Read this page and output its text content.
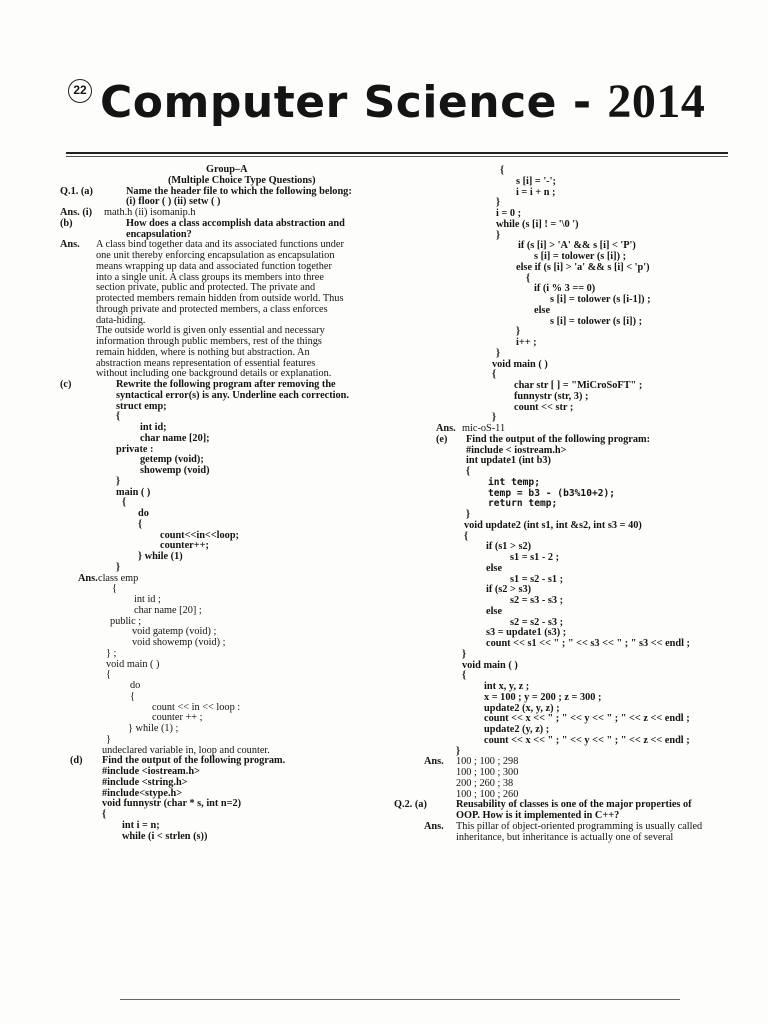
22 Computer Science - 2014
Group–A
(Multiple Choice Type Questions)
Q.1. (a)	Name the header file to which the following belong:
(i) floor ( ) (ii) setw ( )
Ans. (i) math.h (ii) isomanip.h
(b)	How does a class accomplish data abstraction and
encapsulation?
Ans. A class bind together data and its associated functions under
one unit thereby enforcing encapsulation as encapsulation
means wrapping up data and associated function together
into a single unit. A class groups its members into three
section private, public and protected. The private and
protected members remain hidden from outside world. Thus
through private and protected members, a class enforces
data-hiding.
The outside world is given only essential and necessary
information through public members, rest of the things
remain hidden, where is nothing but abstraction. An
abstraction means representation of essential features
without including one background details or explanation.
(c)	Rewrite the following program after removing the
syntactical error(s) is any. Underline each correction.
struct emp;
{
int id;
char name [20];
private :
getemp (void);
showemp (void)
}
main ( )
{
do
{
count<<in<<loop;
counter++;
} while (1)
}
Ans. class emp
{
int id ;
char name [20] ;
public ;
void gatemp (void) ;
void showemp (void) ;
} ;
void main ( )
{
do
{
count << in << loop :
counter ++ ;
} while (1) ;
}
undeclared variable in, loop and counter.
(d) Find the output of the following program.
#include <iostream.h>
#include <string.h>
#include<stype.h>
void funnystr (char * s, int n=2)
{
int i = n;
while (i < strlen (s))
{
s [i] = '-';
i = i + n ;
}
i = 0 ;
while (s [i] ! = '\0 ')
}
if (s [i] > 'A' && s [i] < 'P')
s [i] = tolower (s [i]) ;
else if (s [i] > 'a' && s [i] < 'p')
{
if (i % 3 == 0)
s [i] = tolower (s [i-1]) ;
else
s [i] = tolower (s [i]) ;
}
i++ ;
}
void main ( )
{
char str [ ] = "MiCroSoFT" ;
funnystr (str, 3) ;
count << str ;
}
Ans. mic-oS-11
(e) Find the output of the following program:
#include < iostream.h>
int update1 (int b3)
{
int temp;
temp = b3 - (b3%10+2);
return temp;
}
void update2 (int s1, int &s2, int s3 = 40)
{
if (s1 > s2)
s1 = s1 - 2 ;
else
s1 = s2 - s1 ;
if (s2 > s3)
s2 = s3 - s3 ;
else
s2 = s2 - s3 ;
s3 = update1 (s3) ;
count << s1 << " ; " << s3 << " ; " s3 << endl ;
}
void main ( )
{
int x, y, z ;
x = 100 ; y = 200 ; z = 300 ;
update2 (x, y, z) ;
count << x << " ; " << y << " ; " << z << endl ;
update2 (y, z) ;
count << x << " ; " << y << " ; " << z << endl ;
}
Ans. 100 ; 100 ; 298
100 ; 100 ; 300
200 ; 260 ; 38
100 ; 100 ; 260
Q.2. (a)	Reusability of classes is one of the major properties of
OOP. How is it implemented in C++?
Ans. This pillar of object-oriented programming is usually called
inheritance, but inheritance is actually one of several
